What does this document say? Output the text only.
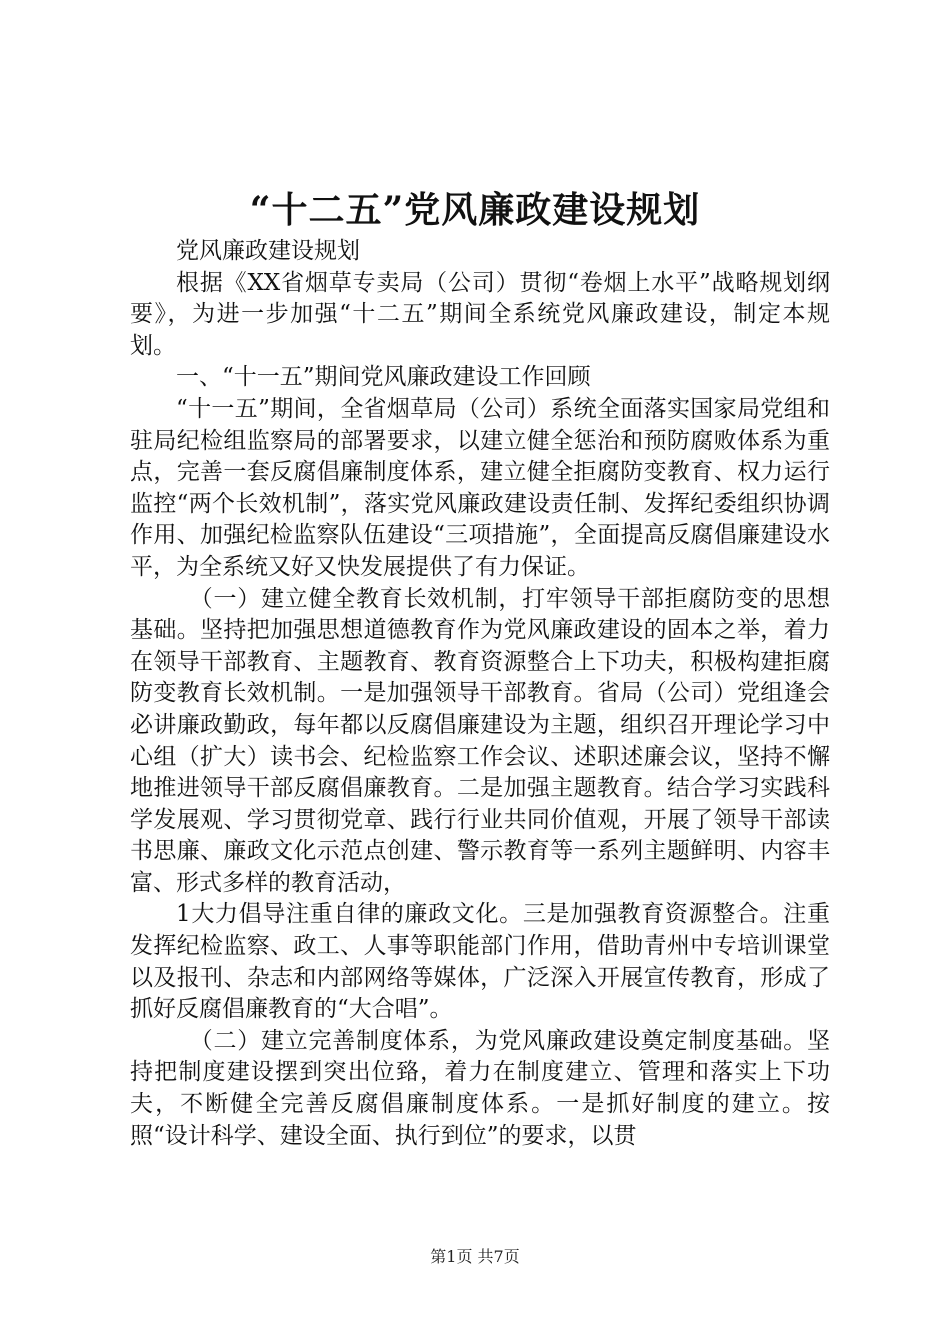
“十二五”党风廉政建设规划

党风廉政建设规划

根据《XX省烟草专卖局（公司）贯彻“卷烟上水平”战略规划纲要》，为进一步加强“十二五”期间全系统党风廉政建设，制定本规划。

一、“十一五”期间党风廉政建设工作回顾

“十一五”期间，全省烟草局（公司）系统全面落实国家局党组和驻局纪检组监察局的部署要求，以建立健全惩治和预防腐败体系为重点，完善一套反腐倡廉制度体系，建立健全拒腐防变教育、权力运行监控“两个长效机制”，落实党风廉政建设责任制、发挥纪委组织协调作用、加强纪检监察队伍建设“三项措施”，全面提高反腐倡廉建设水平，为全系统又好又快发展提供了有力保证。

（一）建立健全教育长效机制，打牢领导干部拒腐防变的思想基础。坚持把加强思想道德教育作为党风廉政建设的固本之举，着力在领导干部教育、主题教育、教育资源整合上下功夫，积极构建拒腐防变教育长效机制。一是加强领导干部教育。省局（公司）党组逢会必讲廉政勤政，每年都以反腐倡廉建设为主题，组织召开理论学习中心组（扩大）读书会、纪检监察工作会议、述职述廉会议，坚持不懈地推进领导干部反腐倡廉教育。二是加强主题教育。结合学习实践科学发展观、学习贯彻党章、践行行业共同价值观，开展了领导干部读书思廉、廉政文化示范点创建、警示教育等一系列主题鲜明、内容丰富、形式多样的教育活动，

1大力倡导注重自律的廉政文化。三是加强教育资源整合。注重发挥纪检监察、政工、人事等职能部门作用，借助青州中专培训课堂以及报刊、杂志和内部网络等媒体，广泛深入开展宣传教育，形成了抓好反腐倡廉教育的“大合唱”。

（二）建立完善制度体系，为党风廉政建设奠定制度基础。坚持把制度建设摆到突出位臵，着力在制度建立、管理和落实上下功夫，不断健全完善反腐倡廉制度体系。一是抓好制度的建立。按照“设计科学、建设全面、执行到位”的要求，以贯

第1页 共7页
